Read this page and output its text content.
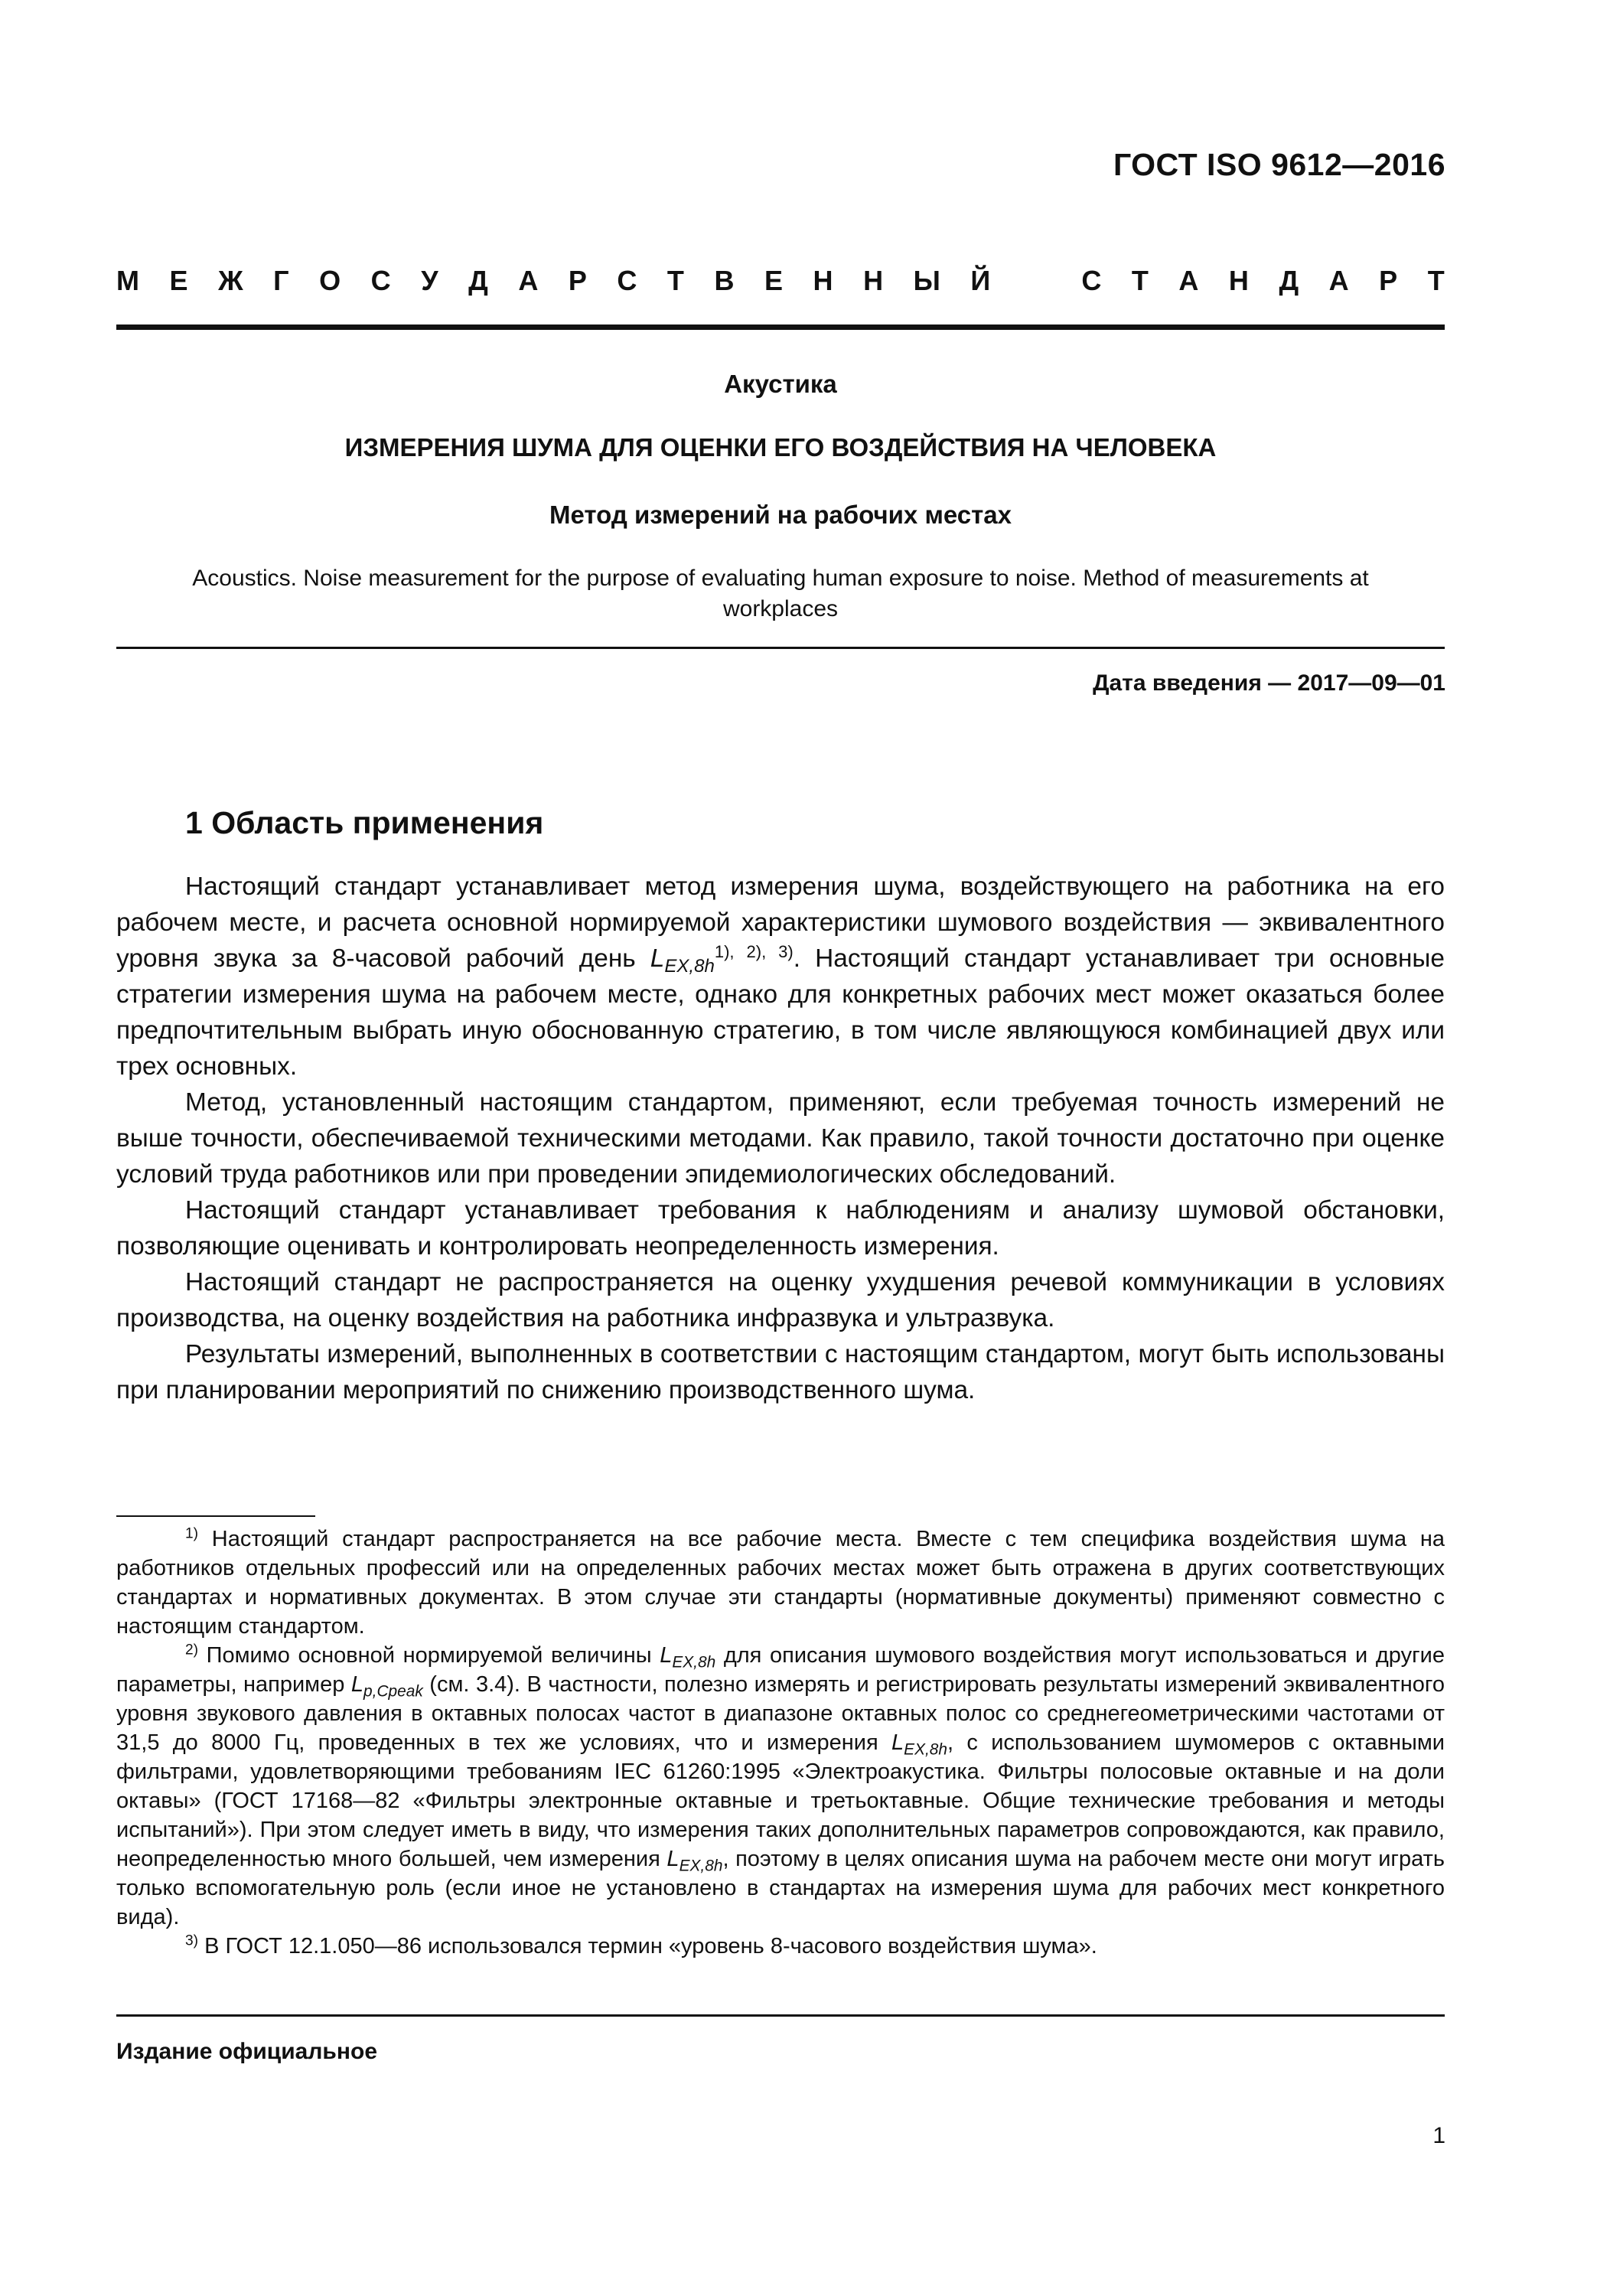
ГОСТ ISO 9612—2016
М Е Ж Г О С У Д А Р С Т В Е Н Н Ы Й	С Т А Н Д А Р Т
Акустика
ИЗМЕРЕНИЯ ШУМА ДЛЯ ОЦЕНКИ ЕГО ВОЗДЕЙСТВИЯ НА ЧЕЛОВЕКА
Метод измерений на рабочих местах
Acoustics. Noise measurement for the purpose of evaluating human exposure to noise. Method of measurements at workplaces
Дата введения — 2017—09—01
1 Область применения

Настоящий стандарт устанавливает метод измерения шума, воздействующего на работника на его рабочем месте, и расчета основной нормируемой характеристики шумового воздействия — эквивалентного уровня звука за 8-часовой рабочий день $L_{EX,8h}^{1), 2), 3)}$. Настоящий стандарт устанавливает три основные стратегии измерения шума на рабочем месте, однако для конкретных рабочих мест может оказаться более предпочтительным выбрать иную обоснованную стратегию, в том числе являющуюся комбинацией двух или трех основных.

Метод, установленный настоящим стандартом, применяют, если требуемая точность измерений не выше точности, обеспечиваемой техническими методами. Как правило, такой точности достаточно при оценке условий труда работников или при проведении эпидемиологических обследований.

Настоящий стандарт устанавливает требования к наблюдениям и анализу шумовой обстановки, позволяющие оценивать и контролировать неопределенность измерения.

Настоящий стандарт не распространяется на оценку ухудшения речевой коммуникации в условиях производства, на оценку воздействия на работника инфразвука и ультразвука.

Результаты измерений, выполненных в соответствии с настоящим стандартом, могут быть использованы при планировании мероприятий по снижению производственного шума.

$^{1)}$ Настоящий стандарт распространяется на все рабочие места. Вместе с тем специфика воздействия шума на работников отдельных профессий или на определенных рабочих местах может быть отражена в других соответствующих стандартах и нормативных документах. В этом случае эти стандарты (нормативные документы) применяют совместно с настоящим стандартом.

$^{2)}$ Помимо основной нормируемой величины $L_{EX,8h}$ для описания шумового воздействия могут использоваться и другие параметры, например $L_{p,Cpeak}$ (см. 3.4). В частности, полезно измерять и регистрировать результаты измерений эквивалентного уровня звукового давления в октавных полосах частот в диапазоне октавных полос со среднегеометрическими частотами от 31,5 до 8000 Гц, проведенных в тех же условиях, что и измерения $L_{EX,8h}$, с использованием шумомеров с октавными фильтрами, удовлетворяющими требованиям IEC 61260:1995 «Электроакустика. Фильтры полосовые октавные и на доли октавы» (ГОСТ 17168—82 «Фильтры электронные октавные и третьоктавные. Общие технические требования и методы испытаний»). При этом следует иметь в виду, что измерения таких дополнительных параметров сопровождаются, как правило, неопределенностью много большей, чем измерения $L_{EX,8h}$, поэтому в целях описания шума на рабочем месте они могут играть только вспомогательную роль (если иное не установлено в стандартах на измерения шума для рабочих мест конкретного вида).

$^{3)}$ В ГОСТ 12.1.050—86 использовался термин «уровень 8-часового воздействия шума».

Издание официальное
1
